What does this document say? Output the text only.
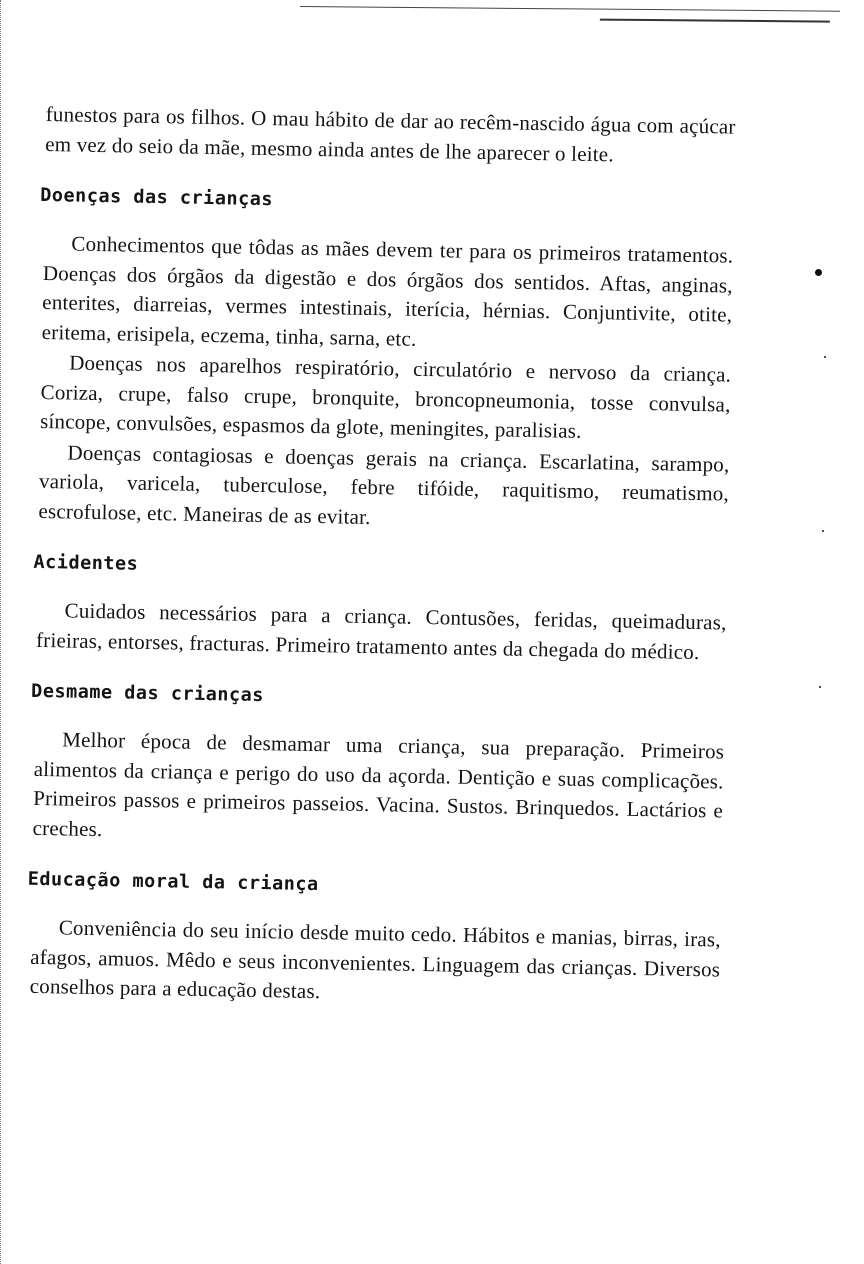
funestos para os filhos. O mau hábito de dar ao recêm-nascido água com açúcar em vez do seio da mãe, mesmo ainda antes de lhe aparecer o leite.

Doenças das crianças

Conhecimentos que tôdas as mães devem ter para os primeiros tratamentos. Doenças dos órgãos da digestão e dos órgãos dos sentidos. Aftas, anginas, enterites, diarreias, vermes intestinais, iterícia, hérnias. Conjuntivite, otite, eritema, erisipela, eczema, tinha, sarna, etc.

Doenças nos aparelhos respiratório, circulatório e nervoso da criança. Coriza, crupe, falso crupe, bronquite, broncopneumonia, tosse convulsa, síncope, convulsões, espasmos da glote, meningites, paralisias.

Doenças contagiosas e doenças gerais na criança. Escarlatina, sarampo, variola, varicela, tuberculose, febre tifóide, raquitismo, reumatismo, escrofulose, etc. Maneiras de as evitar.

Acidentes

Cuidados necessários para a criança. Contusões, feridas, queimaduras, frieiras, entorses, fracturas. Primeiro tratamento antes da chegada do médico.

Desmame das crianças

Melhor época de desmamar uma criança, sua preparação. Primeiros alimentos da criança e perigo do uso da açorda. Dentição e suas complicações. Primeiros passos e primeiros passeios. Vacina. Sustos. Brinquedos. Lactários e creches.

Educação moral da criança

Conveniência do seu início desde muito cedo. Hábitos e manias, birras, iras, afagos, amuos. Mêdo e seus inconvenientes. Linguagem das crianças. Diversos conselhos para a educação destas.
